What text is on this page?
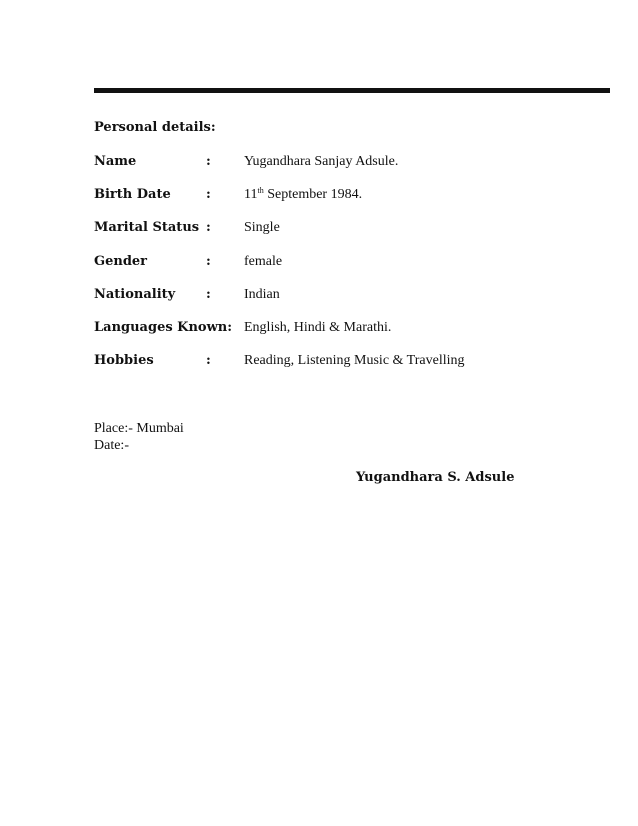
Personal details:
Name	: Yugandhara Sanjay Adsule.
Birth Date	: 11th September 1984.
Marital Status : Single
Gender	: female
Nationality : Indian
Languages Known: English, Hindi & Marathi.
Hobbies	: Reading, Listening Music & Travelling
Place:- Mumbai
Date:-
Yugandhara S. Adsule
